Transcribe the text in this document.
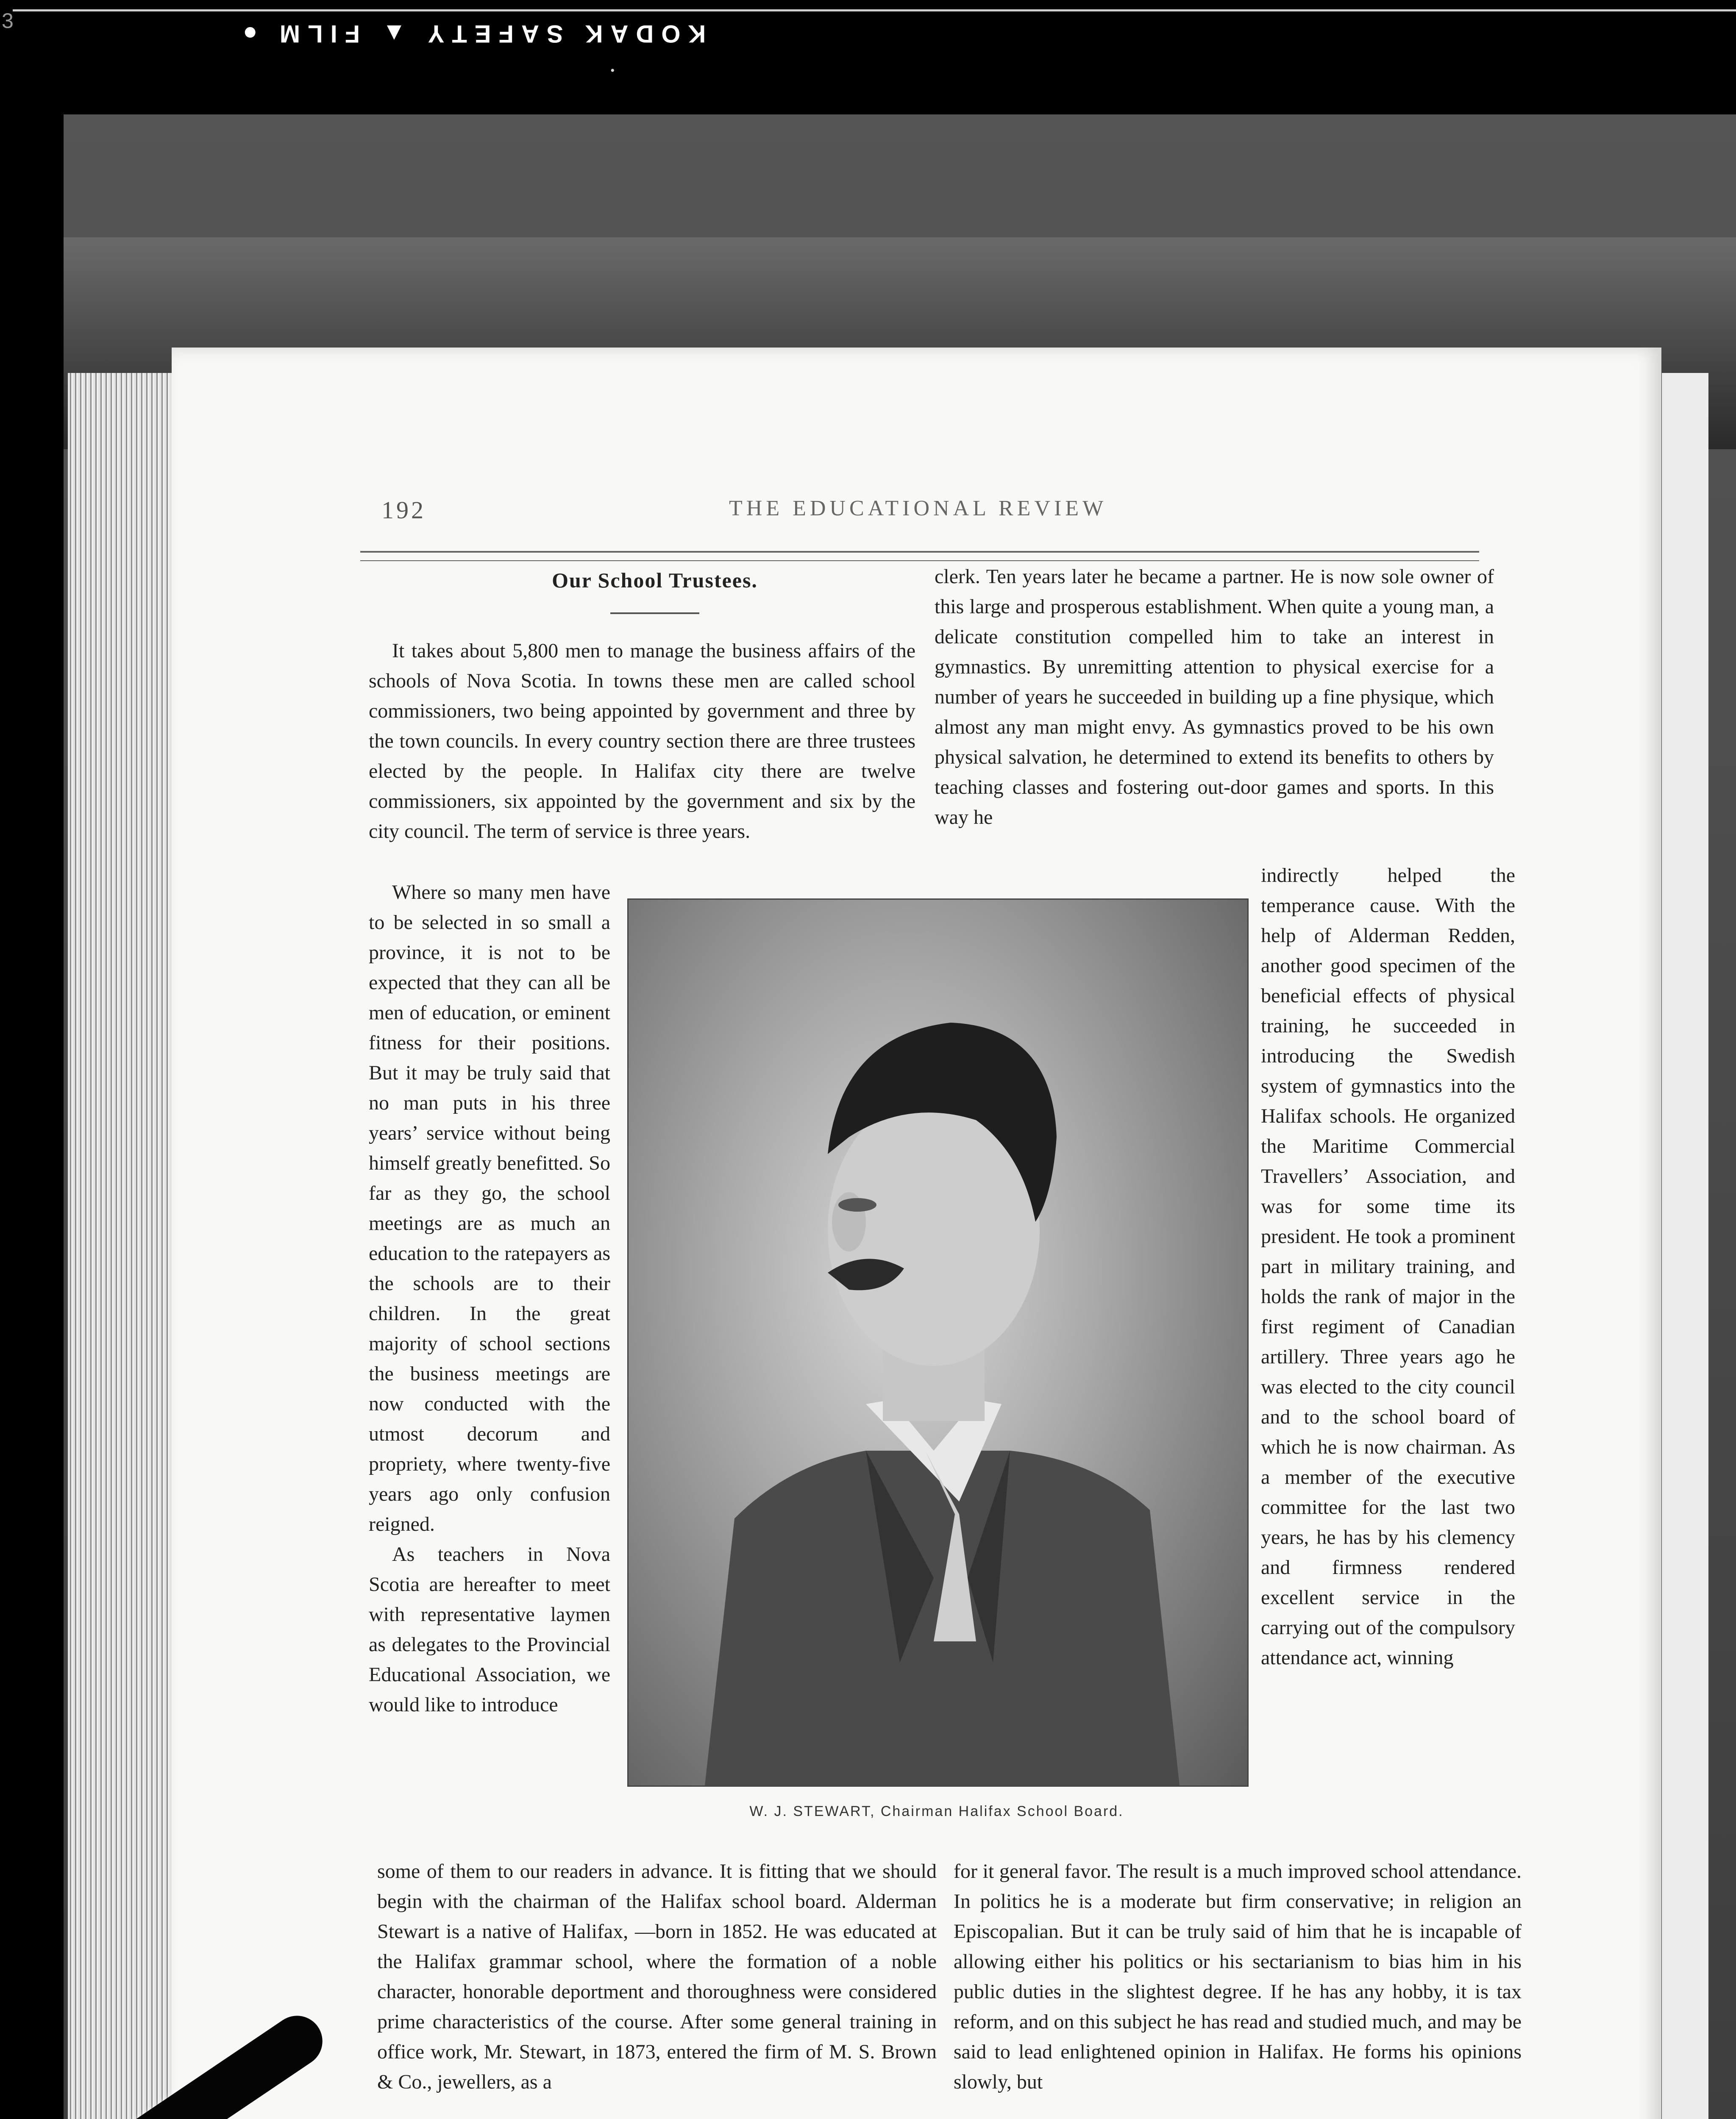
KODAK SAFETY ▲ FILM ●
3
•
192	THE EDUCATIONAL REVIEW
Our School Trustees.

It takes about 5,800 men to manage the business affairs of the schools of Nova Scotia. In towns these men are called school commissioners, two being appointed by government and three by the town councils. In every country section there are three trustees elected by the people. In Halifax city there are twelve commissioners, six appointed by the government and six by the city council. The term of service is three years.

clerk. Ten years later he became a partner. He is now sole owner of this large and prosperous establishment. When quite a young man, a delicate constitution compelled him to take an interest in gymnastics. By unremitting attention to physical exercise for a number of years he succeeded in building up a fine physique, which almost any man might envy. As gymnastics proved to be his own physical salvation, he determined to extend its benefits to others by teaching classes and fostering out-door games and sports. In this way he

Where so many men have to be selected in so small a province, it is not to be expected that they can all be men of education, or eminent fitness for their positions. But it may be truly said that no man puts in his three years’ service without being himself greatly benefitted. So far as they go, the school meetings are as much an education to the ratepayers as the schools are to their children. In the great majority of school sections the business meetings are now conducted with the utmost decorum and propriety, where twenty-five years ago only confusion reigned.

As teachers in Nova Scotia are hereafter to meet with representative laymen as delegates to the Provincial Educational Association, we would like to introduce

W. J. STEWART, Chairman Halifax School Board.

indirectly helped the temperance cause. With the help of Alderman Redden, another good specimen of the beneficial effects of physical training, he succeeded in introducing the Swedish system of gymnastics into the Halifax schools. He organized the Maritime Commercial Travellers’ Association, and was for some time its president. He took a prominent part in military training, and holds the rank of major in the first regiment of Canadian artillery. Three years ago he was elected to the city council and to the school board of which he is now chairman. As a member of the executive committee for the last two years, he has by his clemency and firmness rendered excellent service in the carrying out of the compulsory attendance act, winning

some of them to our readers in advance. It is fitting that we should begin with the chairman of the Halifax school board. Alderman Stewart is a native of Halifax, —born in 1852. He was educated at the Halifax grammar school, where the formation of a noble character, honorable deportment and thoroughness were considered prime characteristics of the course. After some general training in office work, Mr. Stewart, in 1873, entered the firm of M. S. Brown & Co., jewellers, as a

for it general favor. The result is a much improved school attendance. In politics he is a moderate but firm conservative; in religion an Episcopalian. But it can be truly said of him that he is incapable of allowing either his politics or his sectarianism to bias him in his public duties in the slightest degree. If he has any hobby, it is tax reform, and on this subject he has read and studied much, and may be said to lead enlightened opinion in Halifax. He forms his opinions slowly, but
